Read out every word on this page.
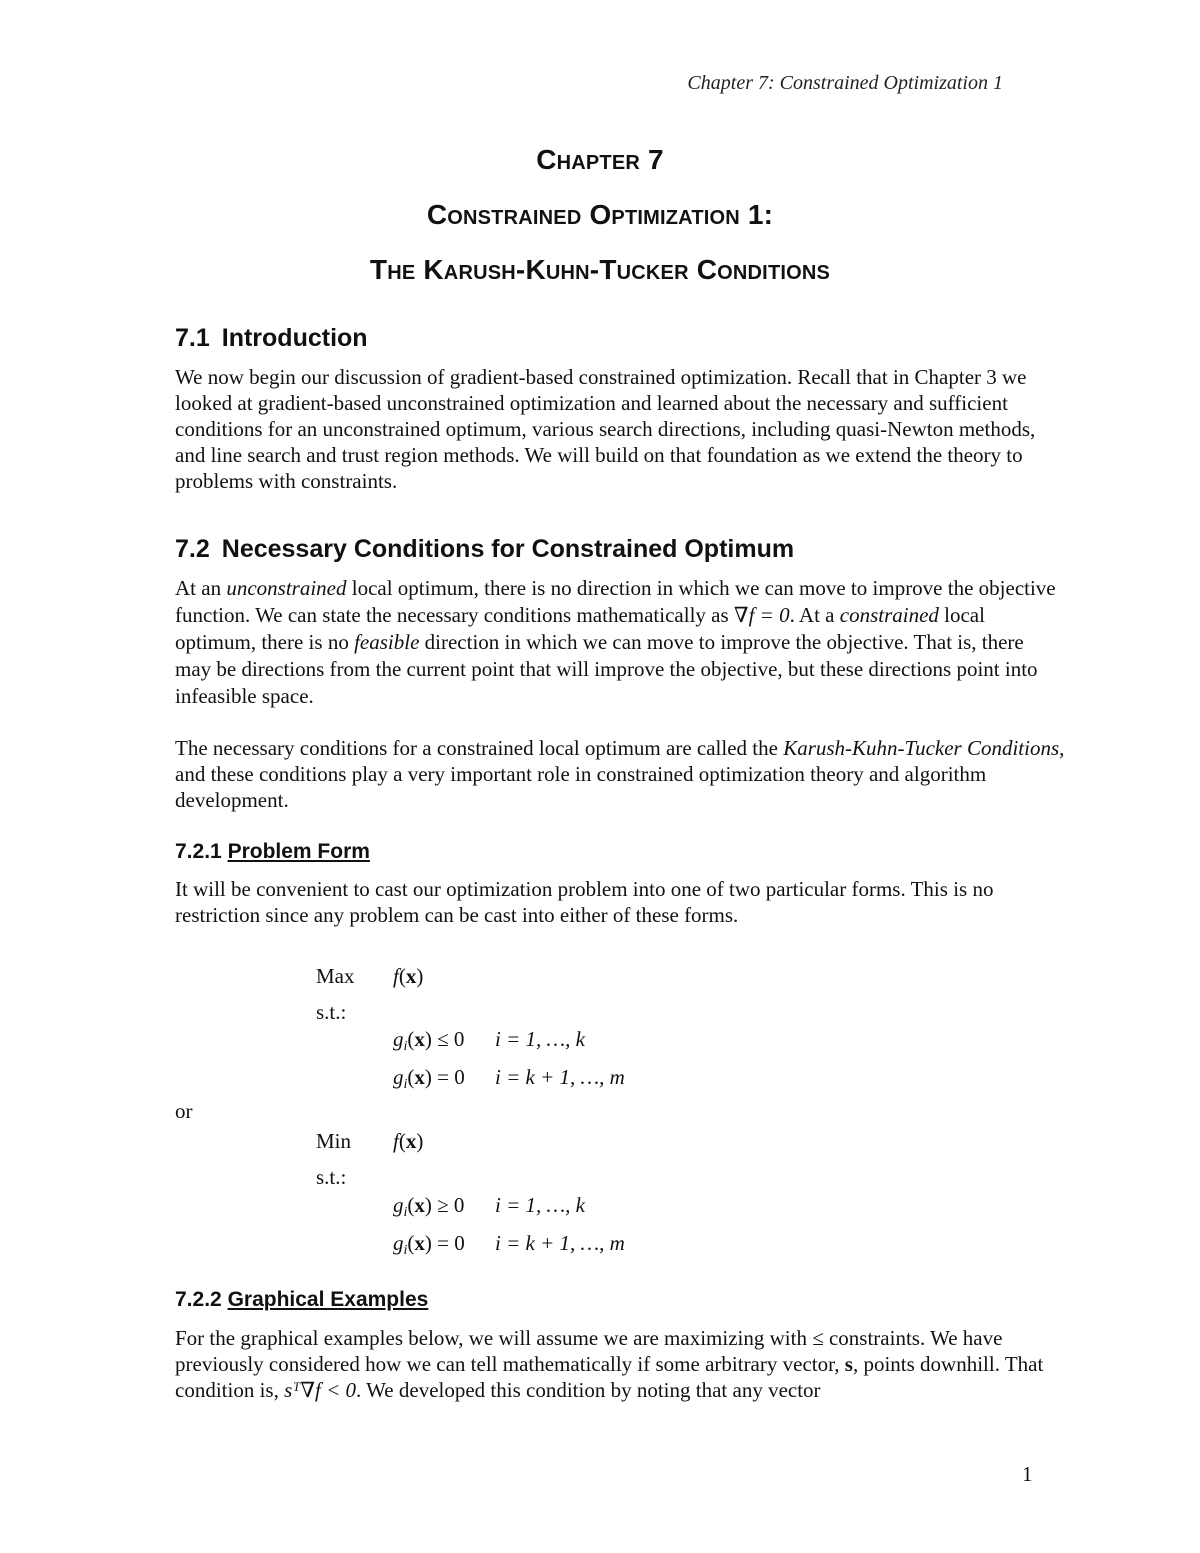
Chapter 7: Constrained Optimization 1
Chapter 7
Constrained Optimization 1:
The Karush-Kuhn-Tucker Conditions
7.1 Introduction

We now begin our discussion of gradient-based constrained optimization. Recall that in Chapter 3 we looked at gradient-based unconstrained optimization and learned about the necessary and sufficient conditions for an unconstrained optimum, various search directions, including quasi-Newton methods, and line search and trust region methods. We will build on that foundation as we extend the theory to problems with constraints.

7.2 Necessary Conditions for Constrained Optimum

At an unconstrained local optimum, there is no direction in which we can move to improve the objective function. We can state the necessary conditions mathematically as ∇f = 0. At a constrained local optimum, there is no feasible direction in which we can move to improve the objective. That is, there may be directions from the current point that will improve the objective, but these directions point into infeasible space.

The necessary conditions for a constrained local optimum are called the Karush-Kuhn-Tucker Conditions, and these conditions play a very important role in constrained optimization theory and algorithm development.

7.2.1 Problem Form

It will be convenient to cast our optimization problem into one of two particular forms. This is no restriction since any problem can be cast into either of these forms.

Max f(x)
s.t.:
gi(x) ≤ 0 i = 1, …, k
gi(x) = 0 i = k + 1, …, m
or
Min f(x)
s.t.:
gi(x) ≥ 0 i = 1, …, k
gi(x) = 0 i = k + 1, …, m
7.2.2 Graphical Examples

For the graphical examples below, we will assume we are maximizing with ≤ constraints. We have previously considered how we can tell mathematically if some arbitrary vector, s, points downhill. That condition is, sᵀ∇f < 0. We developed this condition by noting that any vector

1
